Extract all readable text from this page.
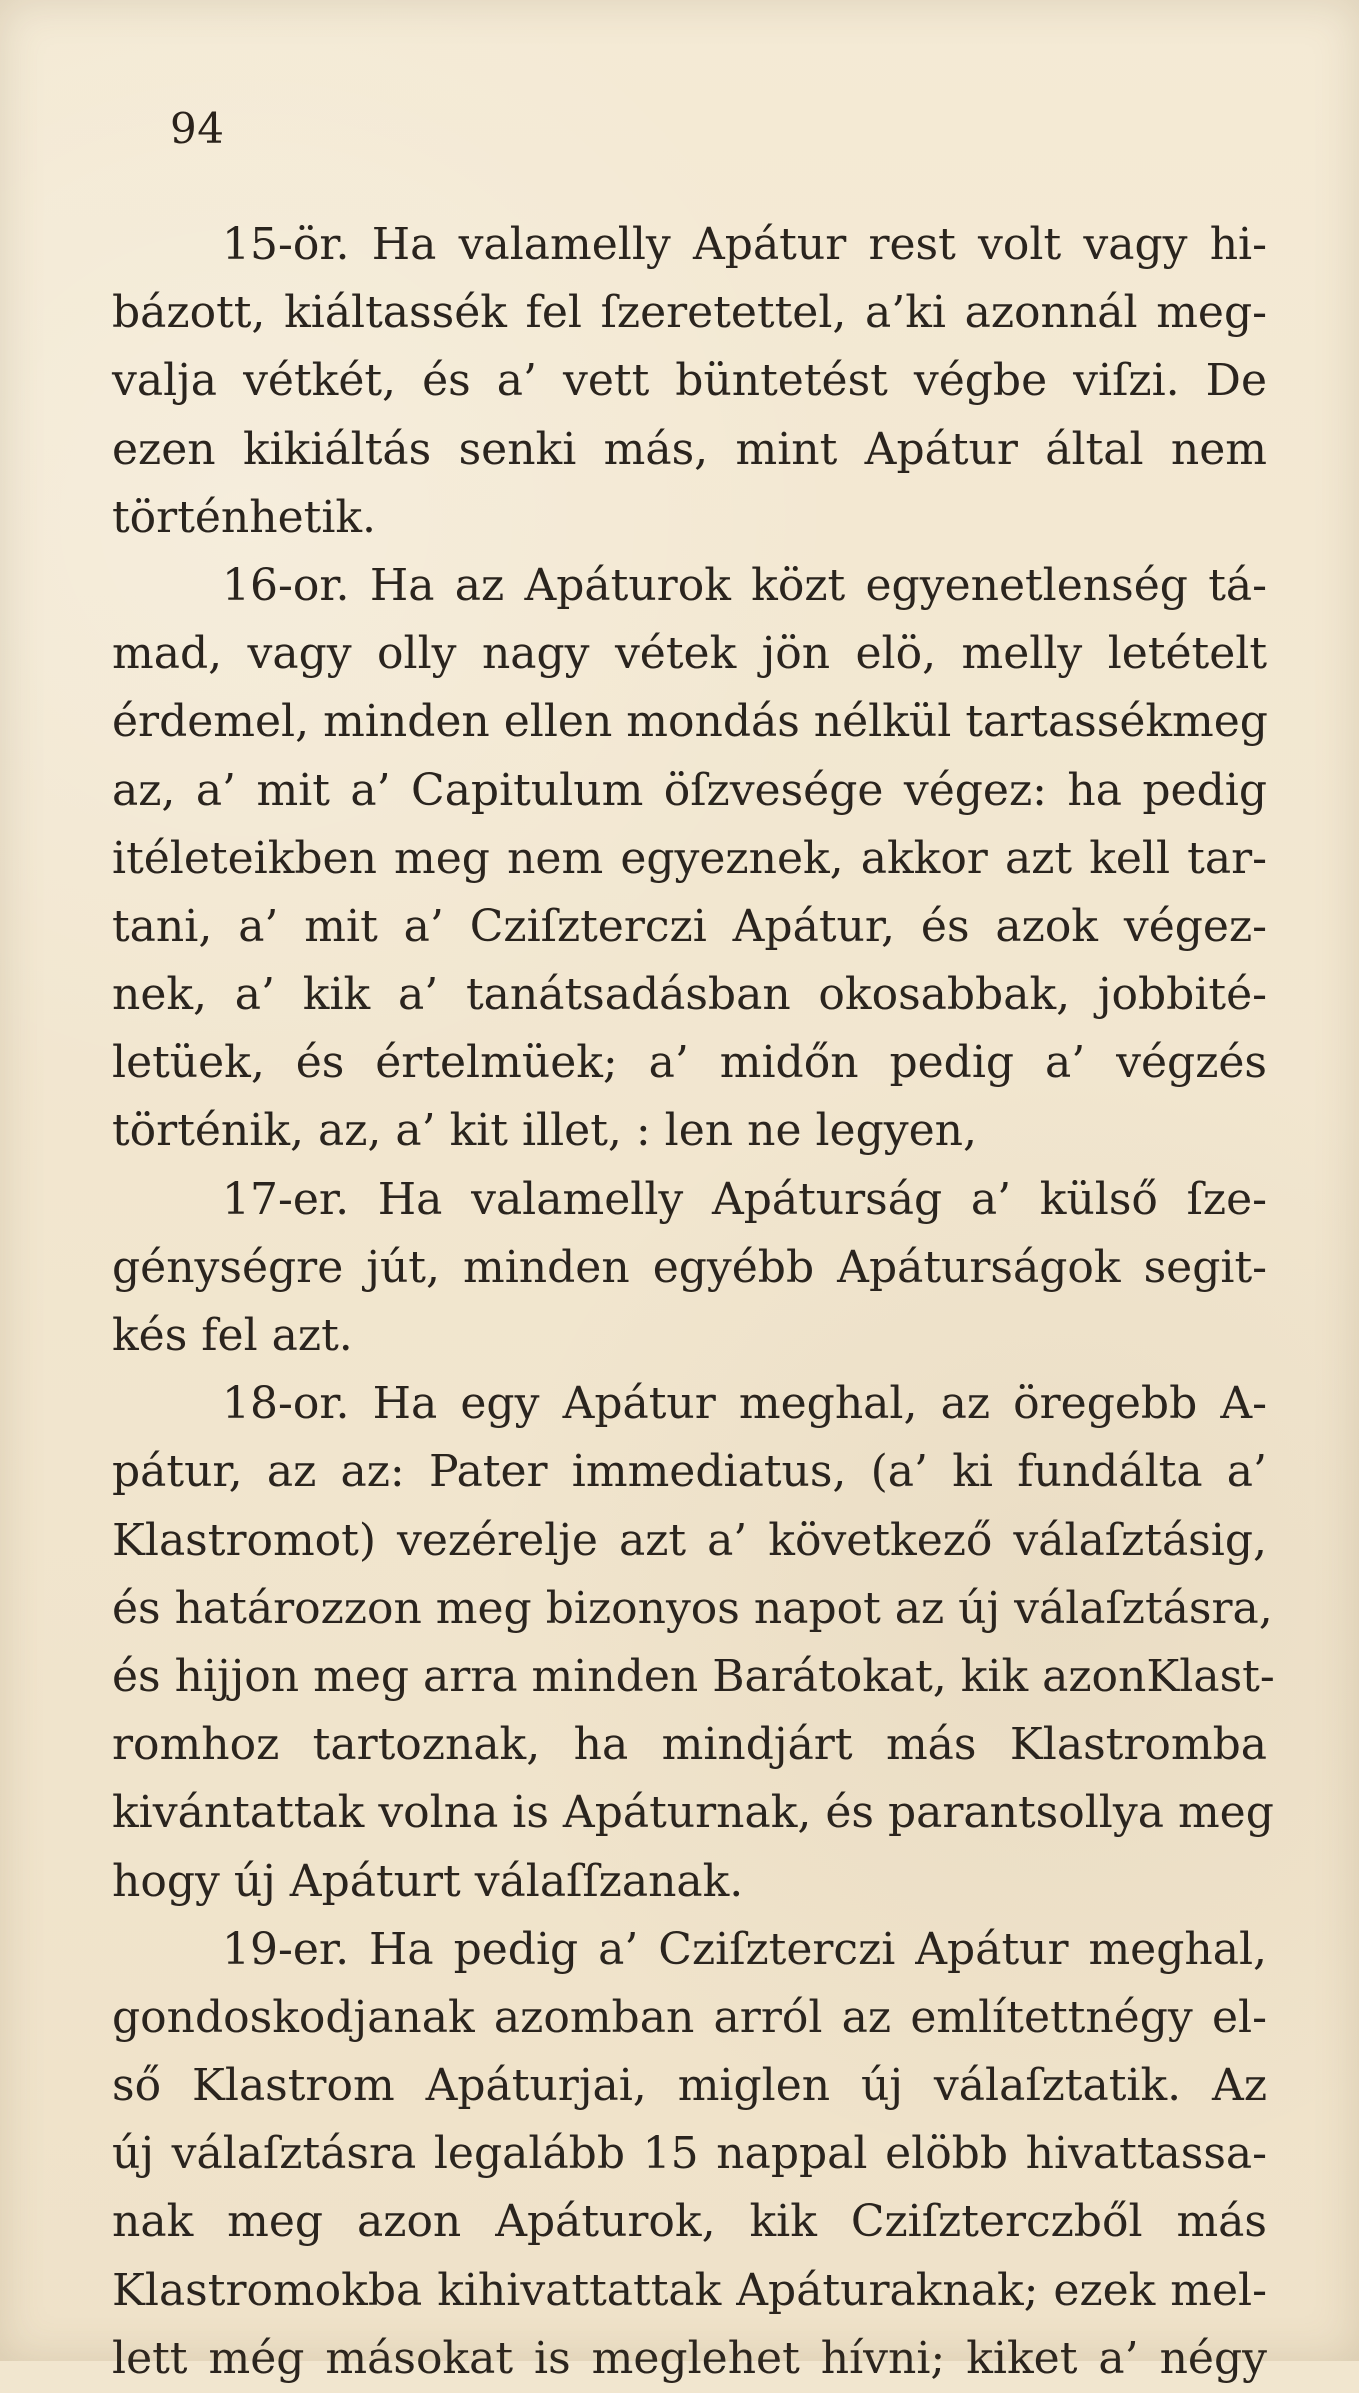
94
15-ör. Ha valamelly Apátur rest volt vagy hi-
bázott, kiáltassék fel ſzeretettel, a’ki azonnál meg-
valja vétkét, és a’ vett büntetést végbe viſzi. De
ezen kikiáltás senki más, mint Apátur által nem
történhetik.
16-or. Ha az Apáturok közt egyenetlenség tá-
mad, vagy olly nagy vétek jön elö, melly letételt
érdemel, minden ellen mondás nélkül tartassékmeg
az, a’ mit a’ Capitulum öſzvesége végez: ha pedig
itéleteikben meg nem egyeznek, akkor azt kell tar-
tani, a’ mit a’ Cziſzterczi Apátur, és azok végez-
nek, a’ kik a’ tanátsadásban okosabbak, jobbité-
letüek, és értelmüek; a’ midőn pedig a’ végzés
történik, az, a’ kit illet, : len ne legyen,
17-er. Ha valamelly Apáturság a’ külső ſze-
génységre jút, minden egyébb Apáturságok segit-
kés fel azt.
18-or. Ha egy Apátur meghal, az öregebb A-
pátur, az az: Pater immediatus, (a’ ki fundálta a’
Klastromot) vezérelje azt a’ következő válaſztásig,
és határozzon meg bizonyos napot az új válaſztásra,
és hijjon meg arra minden Barátokat, kik azonKlast-
romhoz tartoznak, ha mindjárt más Klastromba
kivántattak volna is Apáturnak, és parantsollya meg
hogy új Apáturt válaſſzanak.
19-er. Ha pedig a’ Cziſzterczi Apátur meghal,
gondoskodjanak azomban arról az említettnégy el-
ső Klastrom Apáturjai, miglen új válaſztatik. Az
új válaſztásra legalább 15 nappal elöbb hivattassa-
nak meg azon Apáturok, kik Cziſzterczből más
Klastromokba kihivattattak Apáturaknak; ezek mel-
lett még másokat is meglehet hívni; kiket a’ négy
